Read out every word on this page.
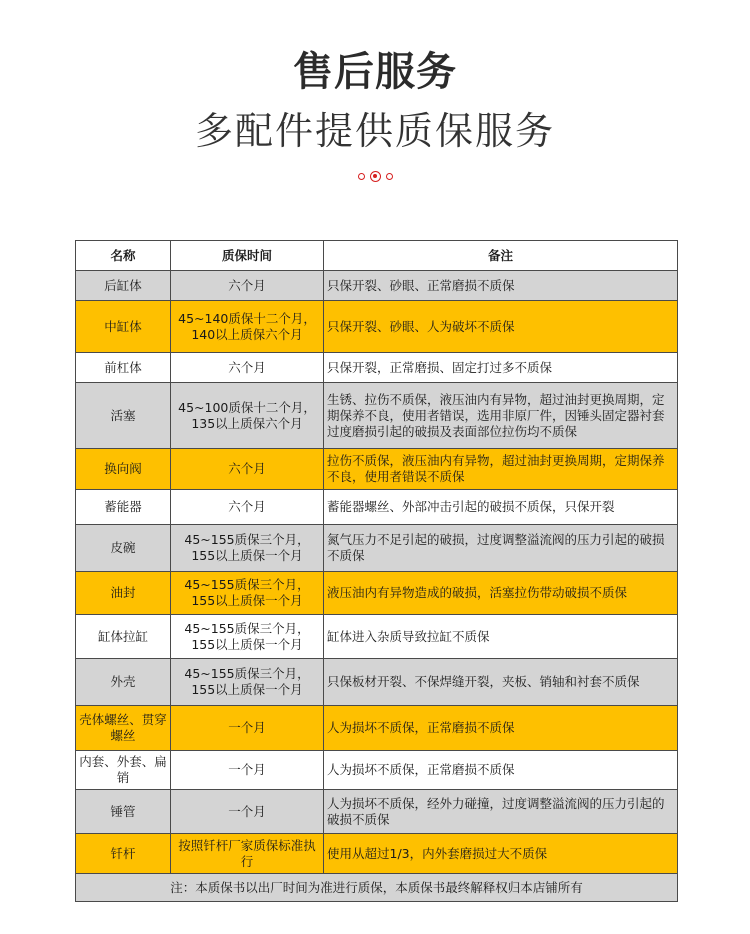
售后服务
多配件提供质保服务
名称	质保时间	备注
后缸体	六个月	只保开裂、砂眼、正常磨损不质保
中缸体	45~140质保十二个月，140以上质保六个月	只保开裂、砂眼、人为破坏不质保
前杠体	六个月	只保开裂，正常磨损、固定打过多不质保
活塞	45~100质保十二个月，135以上质保六个月	生锈、拉伤不质保，液压油内有异物，超过油封更换周期，定期保养不良，使用者错误，选用非原厂件，因锤头固定器衬套过度磨损引起的破损及表面部位拉伤均不质保
换向阀	六个月	拉伤不质保，液压油内有异物，超过油封更换周期，定期保养不良，使用者错误不质保
蓄能器	六个月	蓄能器螺丝、外部冲击引起的破损不质保，只保开裂
皮碗	45~155质保三个月，155以上质保一个月	氮气压力不足引起的破损，过度调整溢流阀的压力引起的破损不质保
油封	45~155质保三个月，155以上质保一个月	液压油内有异物造成的破损，活塞拉伤带动破损不质保
缸体拉缸	45~155质保三个月，155以上质保一个月	缸体进入杂质导致拉缸不质保
外壳	45~155质保三个月，155以上质保一个月	只保板材开裂、不保焊缝开裂，夹板、销轴和衬套不质保
壳体螺丝、贯穿螺丝	一个月	人为损坏不质保，正常磨损不质保
内套、外套、扁销	一个月	人为损坏不质保，正常磨损不质保
锤管	一个月	人为损坏不质保，经外力碰撞，过度调整溢流阀的压力引起的破损不质保
钎杆	按照钎杆厂家质保标准执行	使用从超过1/3，内外套磨损过大不质保
注：本质保书以出厂时间为准进行质保，本质保书最终解释权归本店铺所有		
